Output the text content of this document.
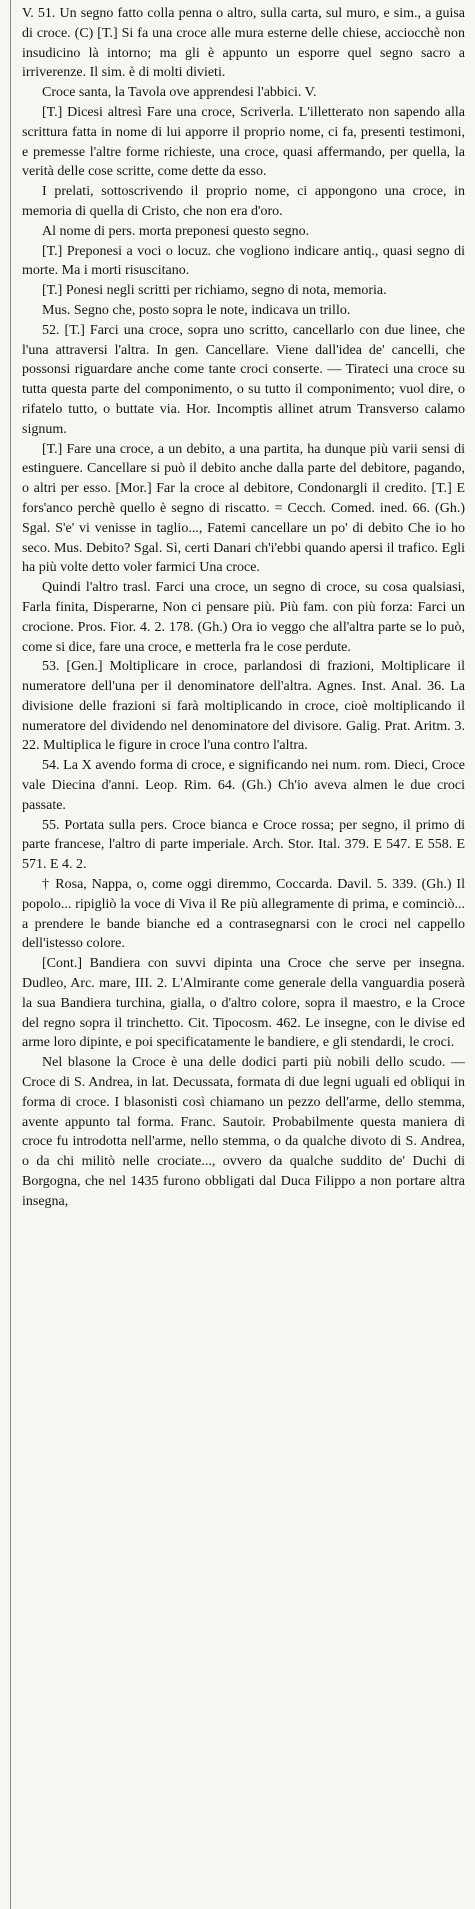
V. 51. Un segno fatto colla penna o altro, sulla carta, sul muro, e sim., a guisa di croce. (C) [T.] Si fa una croce alle mura esterne delle chiese, acciocchè non insudicino là intorno; ma gli è appunto un esporre quel segno sacro a irriverenze. Il sim. è di molti divieti.

Croce santa, la Tavola ove apprendesi l'abbici. V.

[T.] Dicesi altresì Fare una croce, Scriverla. L'illetterato non sapendo alla scrittura fatta in nome di lui apporre il proprio nome, ci fa, presenti testimoni, e premesse l'altre forme richieste, una croce, quasi affermando, per quella, la verità delle cose scritte, come dette da esso.

I prelati, sottoscrivendo il proprio nome, ci appongono una croce, in memoria di quella di Cristo, che non era d'oro.

Al nome di pers. morta preponesi questo segno.

[T.] Preponesi a voci o locuz. che vogliono indicare antiq., quasi segno di morte. Ma i morti risuscitano.

[T.] Ponesi negli scritti per richiamo, segno di nota, memoria.

Mus. Segno che, posto sopra le note, indicava un trillo.

52. [T.] Farci una croce, sopra uno scritto, cancellarlo con due linee, che l'una attraversi l'altra. In gen. Cancellare. Viene dall'idea de' cancelli, che possonsi riguardare anche come tante croci conserte. — Tirateci una croce su tutta questa parte del componimento, o su tutto il componimento; vuol dire, o rifatelo tutto, o buttate via. Hor. Incomptis allinet atrum Transverso calamo signum.

[T.] Fare una croce, a un debito, a una partita, ha dunque più varii sensi di estinguere. Cancellare si può il debito anche dalla parte del debitore, pagando, o altri per esso. [Mor.] Far la croce al debitore, Condonargli il credito. [T.] E fors'anco perchè quello è segno di riscatto. = Cecch. Comed. ined. 66. (Gh.) Sgal. S'e' vi venisse in taglio..., Fatemi cancellare un po' di debito Che io ho seco. Mus. Debito? Sgal. Sì, certi Danari ch'i'ebbi quando apersi il trafico. Egli ha più volte detto voler farmici Una croce.

Quindi l'altro trasl. Farci una croce, un segno di croce, su cosa qualsiasi, Farla finita, Disperarne, Non ci pensare più. Più fam. con più forza: Farci un crocione. Pros. Fior. 4. 2. 178. (Gh.) Ora io veggo che all'altra parte se lo può, come si dice, fare una croce, e metterla fra le cose perdute.

53. [Gen.] Moltiplicare in croce, parlandosi di frazioni, Moltiplicare il numeratore dell'una per il denominatore dell'altra. Agnes. Inst. Anal. 36. La divisione delle frazioni si farà moltiplicando in croce, cioè moltiplicando il numeratore del dividendo nel denominatore del divisore. Galig. Prat. Aritm. 3. 22. Multiplica le figure in croce l'una contro l'altra.

54. La X avendo forma di croce, e significando nei num. rom. Dieci, Croce vale Diecina d'anni. Leop. Rim. 64. (Gh.) Ch'io aveva almen le due croci passate.

55. Portata sulla pers. Croce bianca e Croce rossa; per segno, il primo di parte francese, l'altro di parte imperiale. Arch. Stor. Ital. 379. E 547. E 558. E 571. E 4. 2.

† Rosa, Nappa, o, come oggi diremmo, Coccarda. Davil. 5. 339. (Gh.) Il popolo... ripigliò la voce di Viva il Re più allegramente di prima, e cominciò... a prendere le bande bianche ed a contrasegnarsi con le croci nel cappello dell'istesso colore.

[Cont.] Bandiera con suvvi dipinta una Croce che serve per insegna. Dudleo, Arc. mare, III. 2. L'Almirante come generale della vanguardia poserà la sua Bandiera turchina, gialla, o d'altro colore, sopra il maestro, e la Croce del regno sopra il trinchetto. Cit. Tipocosm. 462. Le insegne, con le divise ed arme loro dipinte, e poi specificatamente le bandiere, e gli stendardi, le croci.

Nel blasone la Croce è una delle dodici parti più nobili dello scudo. — Croce di S. Andrea, in lat. Decussata, formata di due legni uguali ed obliqui in forma di croce. I blasonisti così chiamano un pezzo dell'arme, dello stemma, avente appunto tal forma. Franc. Sautoir. Probabilmente questa maniera di croce fu introdotta nell'arme, nello stemma, o da qualche divoto di S. Andrea, o da chi militò nelle crociate..., ovvero da qualche suddito de' Duchi di Borgogna, che nel 1435 furono obbligati dal Duca Filippo a non portare altra insegna,
